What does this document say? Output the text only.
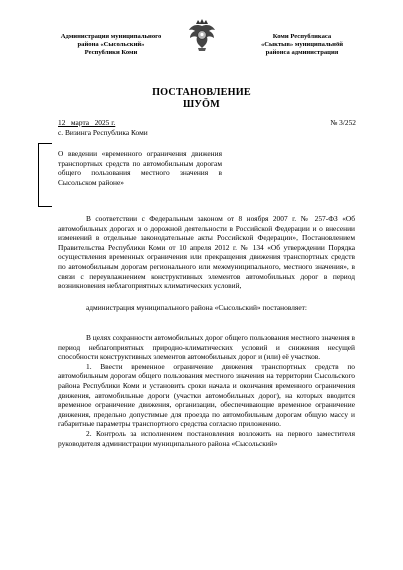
Администрация муниципального
района «Сысольский»
Республики Коми
Коми Республикаса
«Сыктыв» муниципальнӧй
районса администрация
ПОСТАНОВЛЕНИЕ
ШУӦМ
12   марта   2025 г.	№ 3/252
с. Визинга Республика Коми
О введении «временного ограничения движения транспортных средств по автомобильным дорогам общего пользования местного значения в Сысольском районе»

В соответствии с Федеральным законом от 8 ноября 2007 г. № 257-ФЗ «Об автомобильных дорогах и о дорожной деятельности в Российской Федерации и о внесении изменений в отдельные законодательные акты Российской Федерации», Постановлением Правительства Республики Коми от 10 апреля 2012 г. № 134 «Об утверждении Порядка осуществления временных ограничения или прекращения движения транспортных средств по автомобильным дорогам регионального или межмуниципального, местного значения», в связи с переувлажнением конструктивных элементов автомобильных дорог в период возникновения неблагоприятных климатических условий,

администрация муниципального района «Сысольский» постановляет:

В целях сохранности автомобильных дорог общего пользования местного значения в период неблагоприятных природно-климатических условий и снижения несущей способности конструктивных элементов автомобильных дорог и (или) её участков.

1. Ввести временное ограничение движения транспортных средств по автомобильным дорогам общего пользования местного значения на территории Сысольского района Республики Коми и установить сроки начала и окончания временного ограничения движения, автомобильные дороги (участки автомобильных дорог), на которых вводится временное ограничение движения, организации, обеспечивающие временное ограничение движения, предельно допустимые для проезда по автомобильным дорогам общую массу и габаритные параметры транспортного средства согласно приложению.

2. Контроль за исполнением постановления возложить на первого заместителя руководителя администрации муниципального района «Сысольский»
